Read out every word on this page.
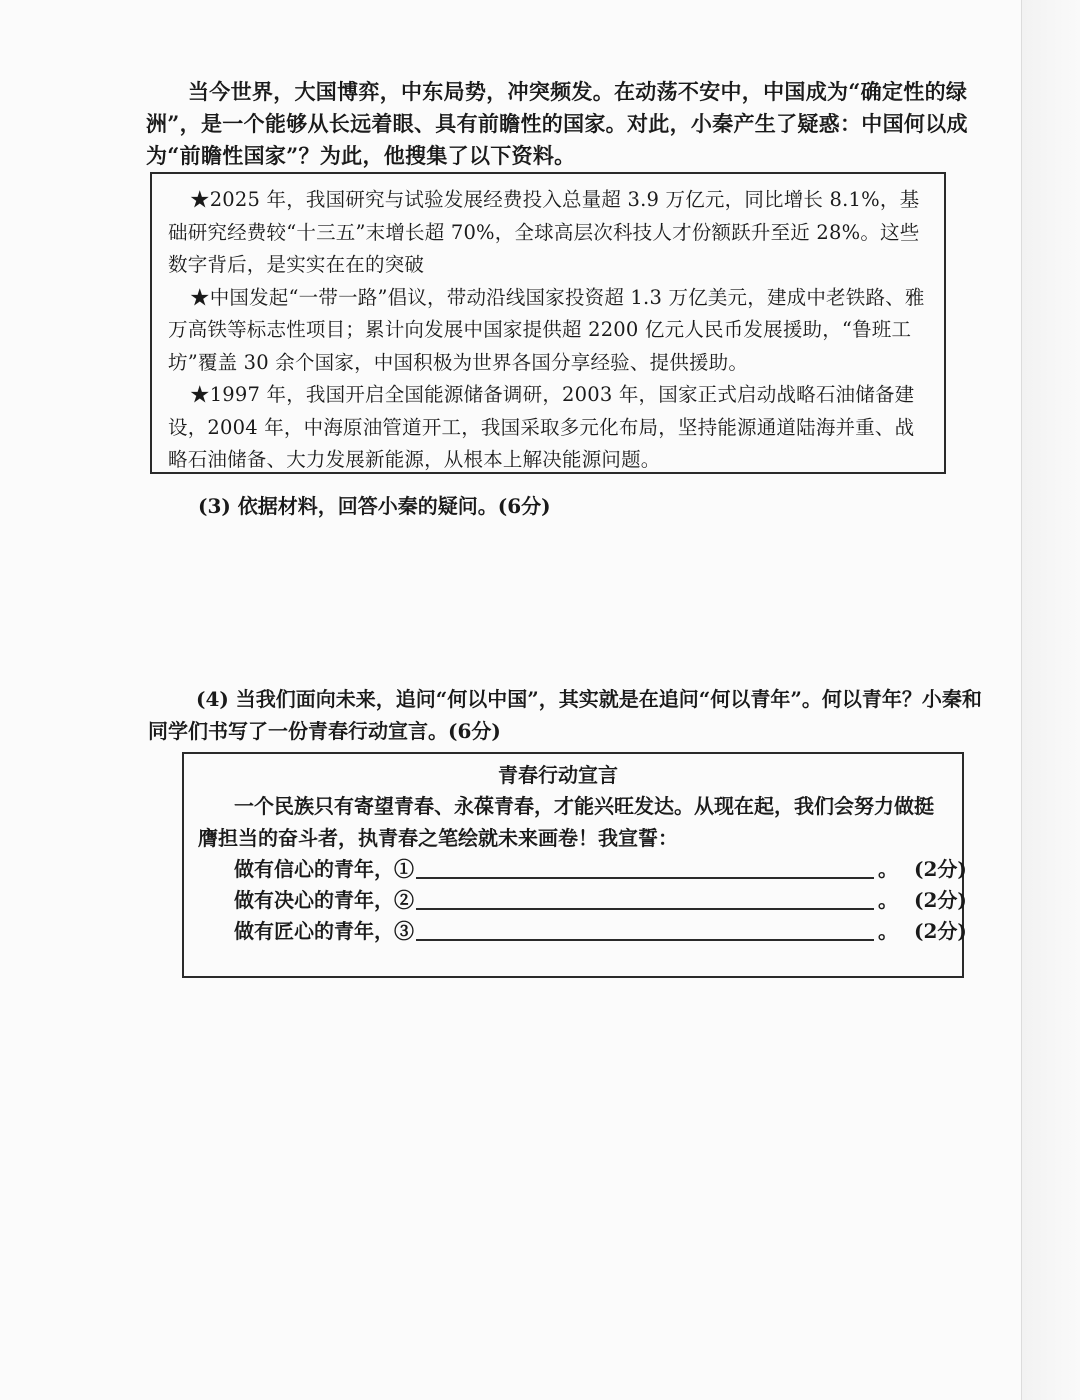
当今世界，大国博弈，中东局势，冲突频发。在动荡不安中，中国成为“确定性的绿洲”，是一个能够从长远着眼、具有前瞻性的国家。对此，小秦产生了疑惑：中国何以成为“前瞻性国家”？为此，他搜集了以下资料。
★2025 年，我国研究与试验发展经费投入总量超 3.9 万亿元，同比增长 8.1%，基础研究经费较“十三五”末增长超 70%，全球高层次科技人才份额跃升至近 28%。这些数字背后，是实实在在的突破
★中国发起“一带一路”倡议，带动沿线国家投资超 1.3 万亿美元，建成中老铁路、雅万高铁等标志性项目；累计向发展中国家提供超 2200 亿元人民币发展援助，“鲁班工坊”覆盖 30 余个国家，中国积极为世界各国分享经验、提供援助。
★1997 年，我国开启全国能源储备调研，2003 年，国家正式启动战略石油储备建设，2004 年，中海原油管道开工，我国采取多元化布局，坚持能源通道陆海并重、战略石油储备、大力发展新能源，从根本上解决能源问题。
(3) 依据材料，回答小秦的疑问。(6分)
(4) 当我们面向未来，追问“何以中国”，其实就是在追问“何以青年”。何以青年？小秦和同学们书写了一份青春行动宣言。(6分)
青春行动宣言
一个民族只有寄望青春、永葆青春，才能兴旺发达。从现在起，我们会努力做挺膺担当的奋斗者，执青春之笔绘就未来画卷！我宣誓：
做有信心的青年，①	。 (2分)
做有决心的青年，②	。 (2分)
做有匠心的青年，③	。 (2分)
